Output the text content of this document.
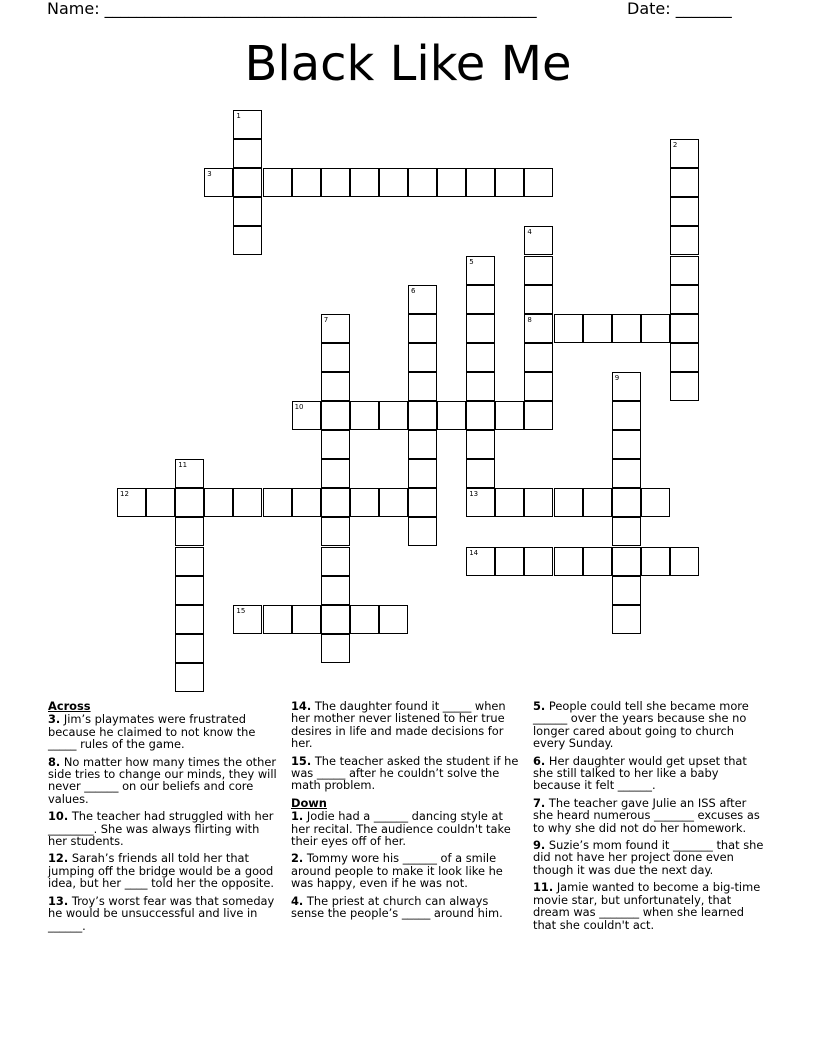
Name: ______________________________________________________	Date: _______
Black Like Me
1
2
3
4
8
5
6
7
9
10
11
12	13
14
15
Across
3. Jim’s playmates were frustrated because he claimed to not know the _____ rules of the game.
8. No matter how many times the other side tries to change our minds, they will never ______ on our beliefs and core values.
10. The teacher had struggled with her ________. She was always flirting with her students.
12. Sarah’s friends all told her that jumping off the bridge would be a good idea, but her ____ told her the opposite.
13. Troy’s worst fear was that someday he would be unsuccessful and live in ______.
14. The daughter found it _____ when her mother never listened to her true desires in life and made decisions for her.
15. The teacher asked the student if he was _____ after he couldn’t solve the math problem.
Down
1. Jodie had a ______ dancing style at her recital. The audience couldn't take their eyes off of her.
2. Tommy wore his ______ of a smile around people to make it look like he was happy, even if he was not.
4. The priest at church can always sense the people’s _____ around him.
5. People could tell she became more ______ over the years because she no longer cared about going to church every Sunday.
6. Her daughter would get upset that she still talked to her like a baby because it felt ______.
7. The teacher gave Julie an ISS after she heard numerous _______ excuses as to why she did not do her homework.
9. Suzie’s mom found it _______ that she did not have her project done even though it was due the next day.
11. Jamie wanted to become a big-time movie star, but unfortunately, that dream was _______ when she learned that she couldn't act.
